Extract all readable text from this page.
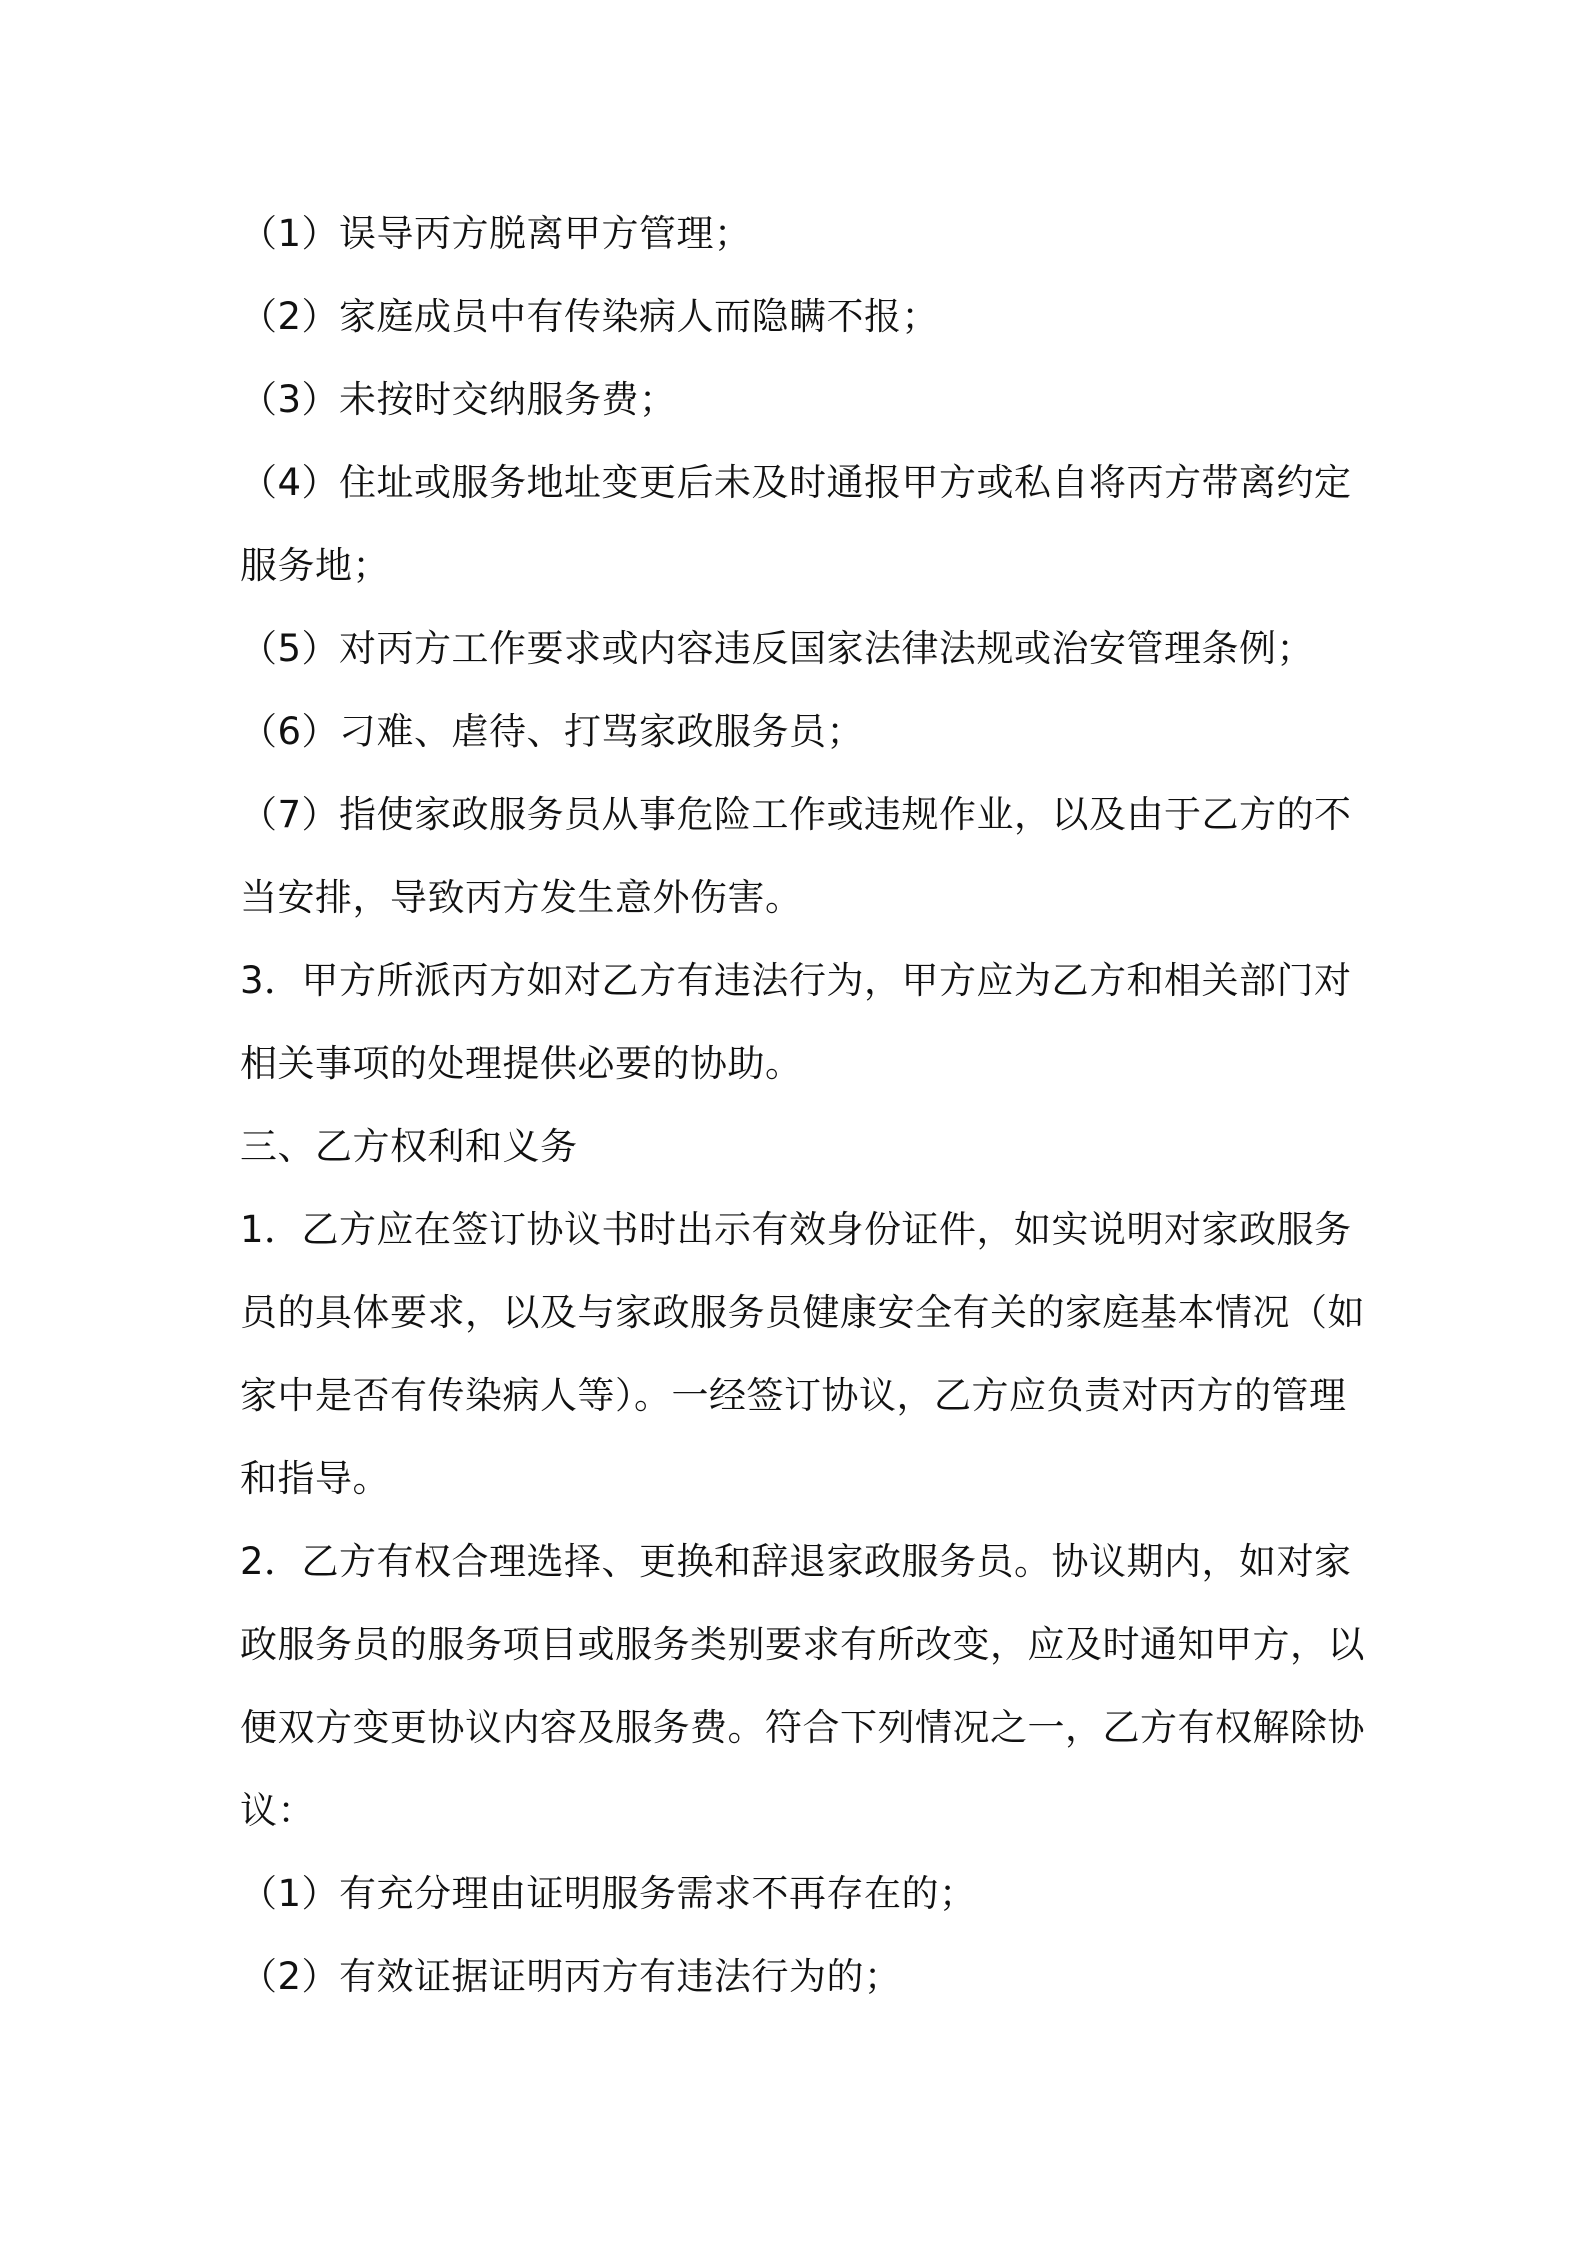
（1）误导丙方脱离甲方管理；
（2）家庭成员中有传染病人而隐瞒不报；
（3）未按时交纳服务费；
（4）住址或服务地址变更后未及时通报甲方或私自将丙方带离约定
服务地；
（5）对丙方工作要求或内容违反国家法律法规或治安管理条例；
（6）刁难、虐待、打骂家政服务员；
（7）指使家政服务员从事危险工作或违规作业，以及由于乙方的不
当安排，导致丙方发生意外伤害。
3．甲方所派丙方如对乙方有违法行为，甲方应为乙方和相关部门对
相关事项的处理提供必要的协助。
三、乙方权利和义务
1．乙方应在签订协议书时出示有效身份证件，如实说明对家政服务
员的具体要求，以及与家政服务员健康安全有关的家庭基本情况（如
家中是否有传染病人等）。一经签订协议，乙方应负责对丙方的管理
和指导。
2．乙方有权合理选择、更换和辞退家政服务员。协议期内，如对家
政服务员的服务项目或服务类别要求有所改变，应及时通知甲方，以
便双方变更协议内容及服务费。符合下列情况之一，乙方有权解除协
议：
（1）有充分理由证明服务需求不再存在的；
（2）有效证据证明丙方有违法行为的；
